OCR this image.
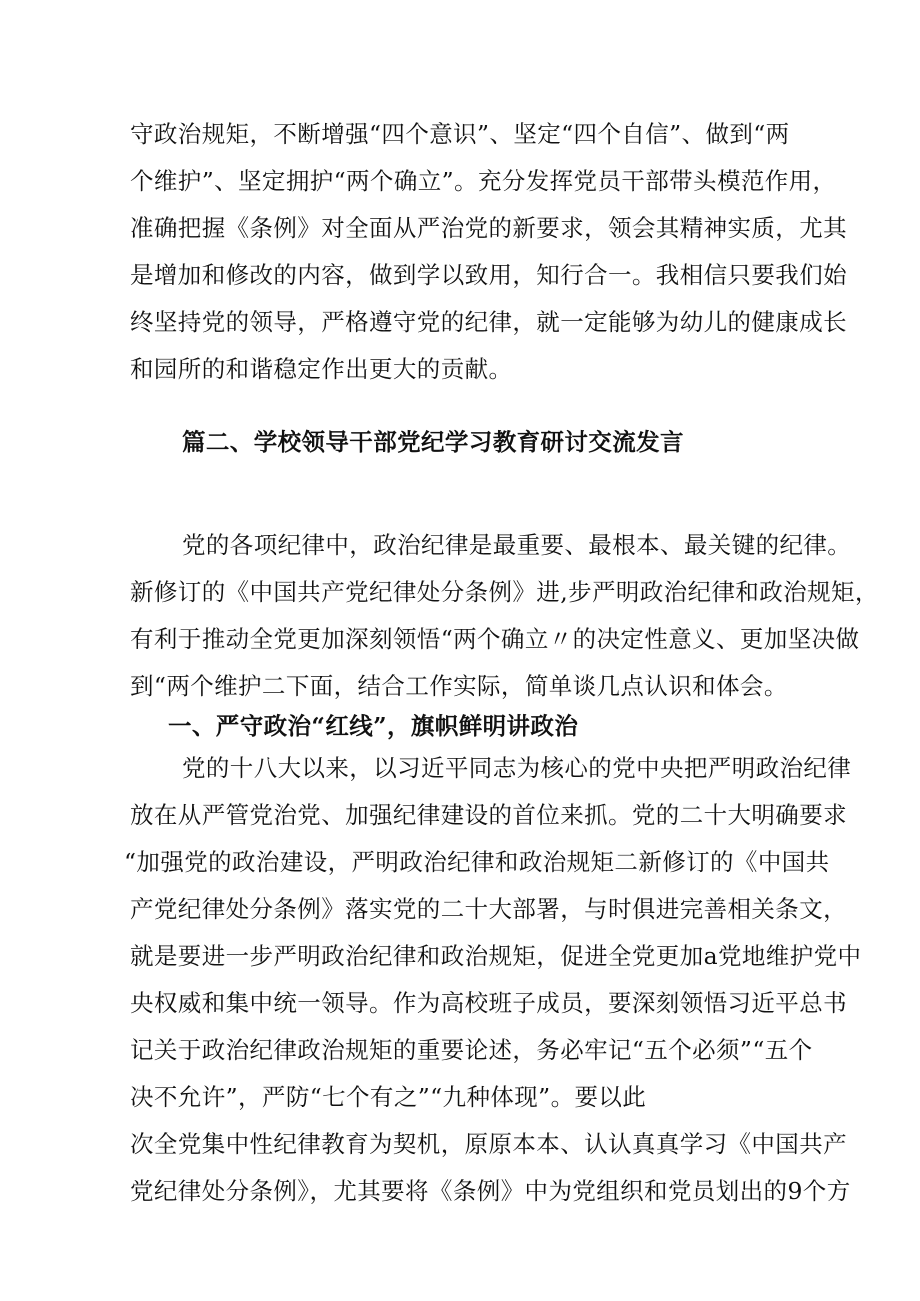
守政治规矩，不断增强“四个意识”、坚定“四个自信”、做到“两
个维护”、坚定拥护“两个确立”。充分发挥党员干部带头模范作用，
准确把握《条例》对全面从严治党的新要求，领会其精神实质，尤其
是增加和修改的内容，做到学以致用，知行合一。我相信只要我们始
终坚持党的领导，严格遵守党的纪律，就一定能够为幼儿的健康成长
和园所的和谐稳定作出更大的贡献。
篇二、学校领导干部党纪学习教育研讨交流发言
党的各项纪律中，政治纪律是最重要、最根本、最关键的纪律。
新修订的《中国共产党纪律处分条例》进,步严明政治纪律和政治规矩，
有利于推动全党更加深刻领悟“两个确立〃的决定性意义、更加坚决做
到“两个维护二下面，结合工作实际，简单谈几点认识和体会。
一、严守政治“红线”，旗帜鲜明讲政治
党的十八大以来，以习近平同志为核心的党中央把严明政治纪律
放在从严管党治党、加强纪律建设的首位来抓。党的二十大明确要求
“加强党的政治建设，严明政治纪律和政治规矩二新修订的《中国共
产党纪律处分条例》落实党的二十大部署，与时俱进完善相关条文，
就是要进一步严明政治纪律和政治规矩，促进全党更加a党地维护党中
央权威和集中统一领导。作为高校班子成员，要深刻领悟习近平总书
记关于政治纪律政治规矩的重要论述，务必牢记“五个必须”“五个
决不允许”，严防“七个有之”“九种体现”。要以此
次全党集中性纪律教育为契机，原原本本、认认真真学习《中国共产
党纪律处分条例》，尤其要将《条例》中为党组织和党员划出的9个方
